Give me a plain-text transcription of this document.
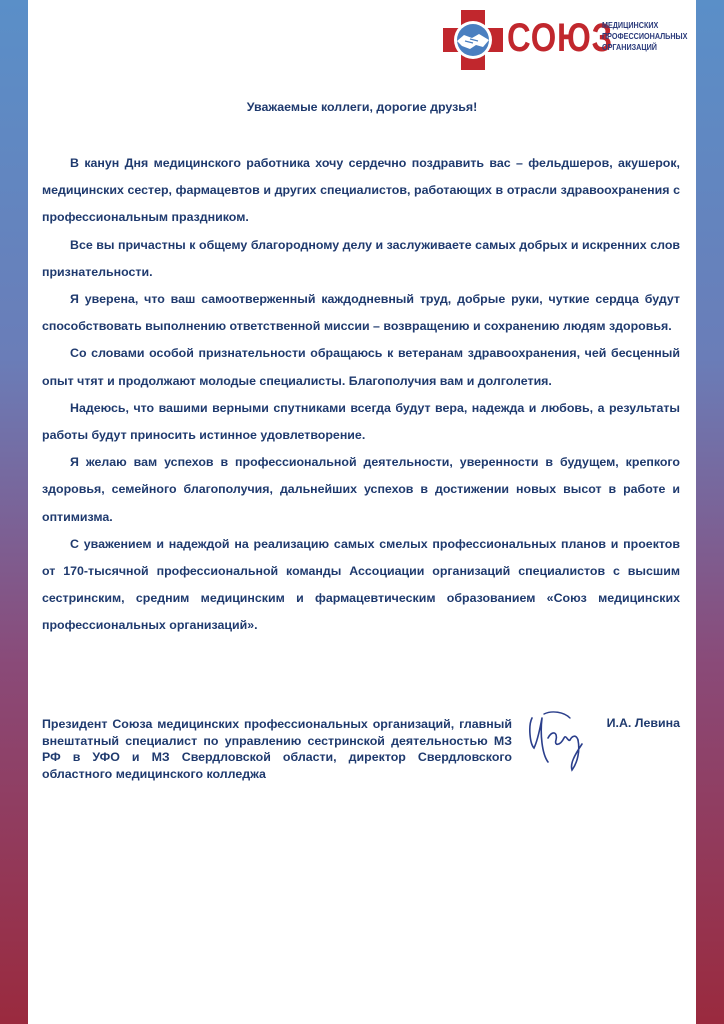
СОЮЗ
МЕДИЦИНСКИХ
ПРОФЕССИОНАЛЬНЫХ
ОРГАНИЗАЦИЙ
Уважаемые коллеги, дорогие друзья!

В канун Дня медицинского работника хочу сердечно поздравить вас – фельдшеров, акушерок, медицинских сестер, фармацевтов и других специалистов, работающих в отрасли здравоохранения с профессиональным праздником.

Все вы причастны к общему благородному делу и заслуживаете самых добрых и искренних слов признательности.

Я уверена, что ваш самоотверженный каждодневный труд, добрые руки, чуткие сердца будут способствовать выполнению ответственной миссии – возвращению и сохранению людям здоровья.

Со словами особой признательности обращаюсь к ветеранам здравоохранения, чей бесценный опыт чтят и продолжают молодые специалисты. Благополучия вам и долголетия.

Надеюсь, что вашими верными спутниками всегда будут вера, надежда и любовь, а результаты работы будут приносить истинное удовлетворение.

Я желаю вам успехов в профессиональной деятельности, уверенности в будущем, крепкого здоровья, семейного благополучия, дальнейших успехов в достижении новых высот в работе и оптимизма.

С уважением и надеждой на реализацию самых смелых профессиональных планов и проектов от 170-тысячной профессиональной команды Ассоциации организаций специалистов с высшим сестринским, средним медицинским и фармацевтическим образованием «Союз медицинских профессиональных организаций».

Президент Союза медицинских профессиональных организаций, главный внештатный специалист по управлению сестринской деятельностью МЗ РФ в УФО и МЗ Свердловской области, директор Свердловского областного медицинского колледжа
И.А. Левина
